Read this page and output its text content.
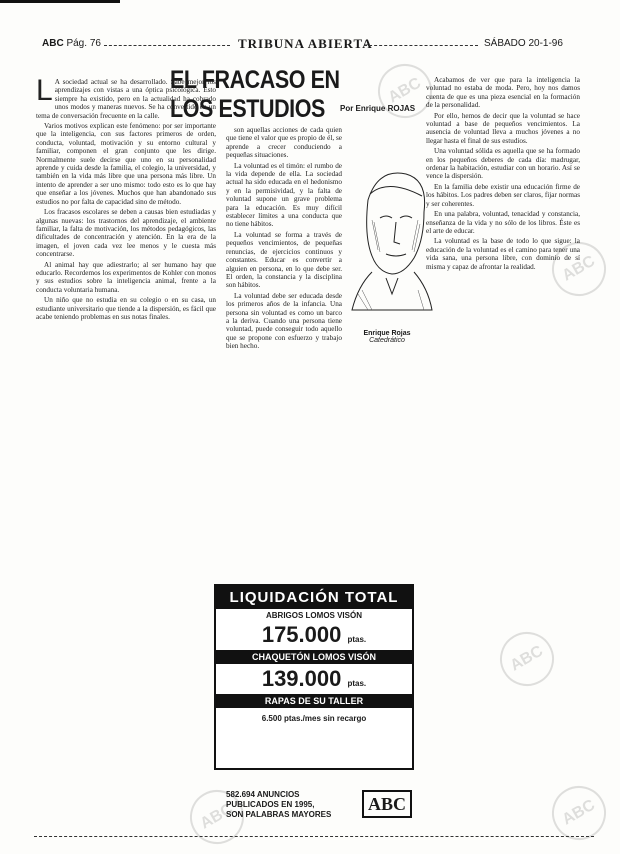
ABC Pág. 76	TRIBUNA ABIERTA	SÁBADO 20-1-96
EL FRACASO EN LOS ESTUDIOS	Por Enrique ROJAS

L A sociedad actual se ha desarrollado. Sabe mejor los aprendizajes con vistas a una óptica psicológica. Esto siempre ha existido, pero en la actualidad ha cobrado unos modos y maneras nuevos. Se ha convertido en un tema de conversación frecuente en la calle.

Varios motivos explican este fenómeno: por ser importante que la inteligencia, con sus factores primeros de orden, conducta, voluntad, motivación y su entorno cultural y familiar, componen el gran conjunto que les dirige. Normalmente suele decirse que uno en su personalidad aprende y cuida desde la familia, el colegio, la universidad, y también en la vida más libre que una persona más libre. Un intento de aprender a ser uno mismo: todo esto es lo que hay que enseñar a los jóvenes. Muchos que han abandonado sus estudios no por falta de capacidad sino de método.

Los fracasos escolares se deben a causas bien estudiadas y algunas nuevas: los trastornos del aprendizaje, el ambiente familiar, la falta de motivación, los métodos pedagógicos, las dificultades de concentración y atención. En la era de la imagen, el joven cada vez lee menos y le cuesta más concentrarse.

Al animal hay que adiestrarlo; al ser humano hay que educarlo. Recordemos los experimentos de Kohler con monos y sus estudios sobre la inteligencia animal, frente a la conducta voluntaria humana.

Un niño que no estudia en su colegio o en su casa, un estudiante universitario que tiende a la dispersión, es fácil que acabe teniendo problemas en sus notas finales.

son aquellas acciones de cada quien que tiene el valor que es propio de él, se aprende a crecer conduciendo a pequeñas situaciones.

La voluntad es el timón: el rumbo de la vida depende de ella. La sociedad actual ha sido educada en el hedonismo y en la permisividad, y la falta de voluntad supone un grave problema para la educación. Es muy difícil establecer límites a una conducta que no tiene hábitos.

La voluntad se forma a través de pequeños vencimientos, de pequeñas renuncias, de ejercicios continuos y constantes. Educar es convertir a alguien en persona, en lo que debe ser. El orden, la constancia y la disciplina son hábitos.

La voluntad debe ser educada desde los primeros años de la infancia. Una persona sin voluntad es como un barco a la deriva. Cuando una persona tiene voluntad, puede conseguir todo aquello que se propone con esfuerzo y trabajo bien hecho.

Enrique Rojas
Catedrático

Acabamos de ver que para la inteligencia la voluntad no estaba de moda. Pero, hoy nos damos cuenta de que es una pieza esencial en la formación de la personalidad.

Por ello, hemos de decir que la voluntad se hace voluntad a base de pequeños vencimientos. La ausencia de voluntad lleva a muchos jóvenes a no llegar hasta el final de sus estudios.

Una voluntad sólida es aquella que se ha formado en los pequeños deberes de cada día: madrugar, ordenar la habitación, estudiar con un horario. Así se vence la dispersión.

En la familia debe existir una educación firme de los hábitos. Los padres deben ser claros, fijar normas y ser coherentes.

En una palabra, voluntad, tenacidad y constancia, enseñanza de la vida y no sólo de los libros. Éste es el arte de educar.

La voluntad es la base de todo lo que sigue: la educación de la voluntad es el camino para tener una vida sana, una persona libre, con dominio de sí misma y capaz de afrontar la realidad.

LIQUIDACIÓN TOTAL
ABRIGOS LOMOS VISÓN
175.000 ptas.
CHAQUETÓN LOMOS VISÓN
139.000 ptas.
RAPAS DE SU TALLER
6.500 ptas./mes sin recargo
582.694 ANUNCIOS
PUBLICADOS EN 1995,
SON PALABRAS MAYORES
ABC
ABC
ABC
ABC
ABC	ABC
